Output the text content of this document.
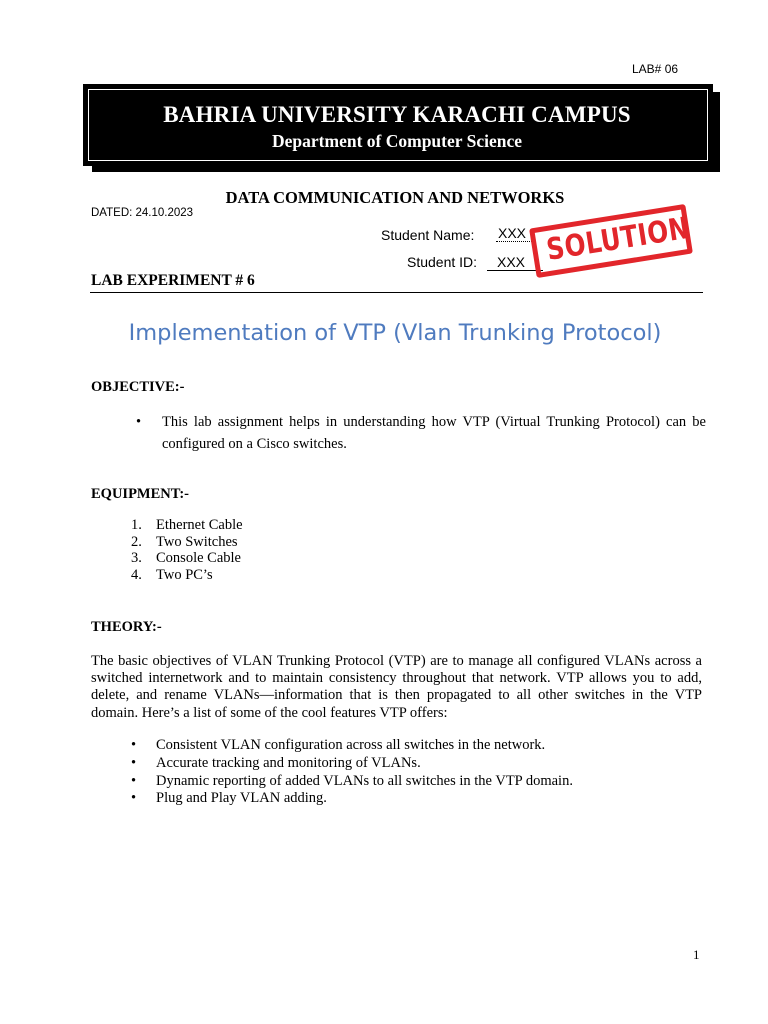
LAB# 06
BAHRIA UNIVERSITY KARACHI CAMPUS
Department of Computer Science
DATA COMMUNICATION AND NETWORKS
DATED: 24.10.2023
Student Name: XXX
Student ID:	XXX SOLUTION
LAB EXPERIMENT # 6
Implementation of VTP (Vlan Trunking Protocol)
OBJECTIVE:-
• This lab assignment helps in understanding how VTP (Virtual Trunking Protocol) can be configured on a Cisco switches.
EQUIPMENT:-
1. Ethernet Cable
2. Two Switches
3. Console Cable
4. Two PC’s
THEORY:-
The basic objectives of VLAN Trunking Protocol (VTP) are to manage all configured VLANs across a switched internetwork and to maintain consistency throughout that network. VTP allows you to add, delete, and rename VLANs—information that is then propagated to all other switches in the VTP domain. Here’s a list of some of the cool features VTP offers:
• Consistent VLAN configuration across all switches in the network.
• Accurate tracking and monitoring of VLANs.
• Dynamic reporting of added VLANs to all switches in the VTP domain.
• Plug and Play VLAN adding.
1
